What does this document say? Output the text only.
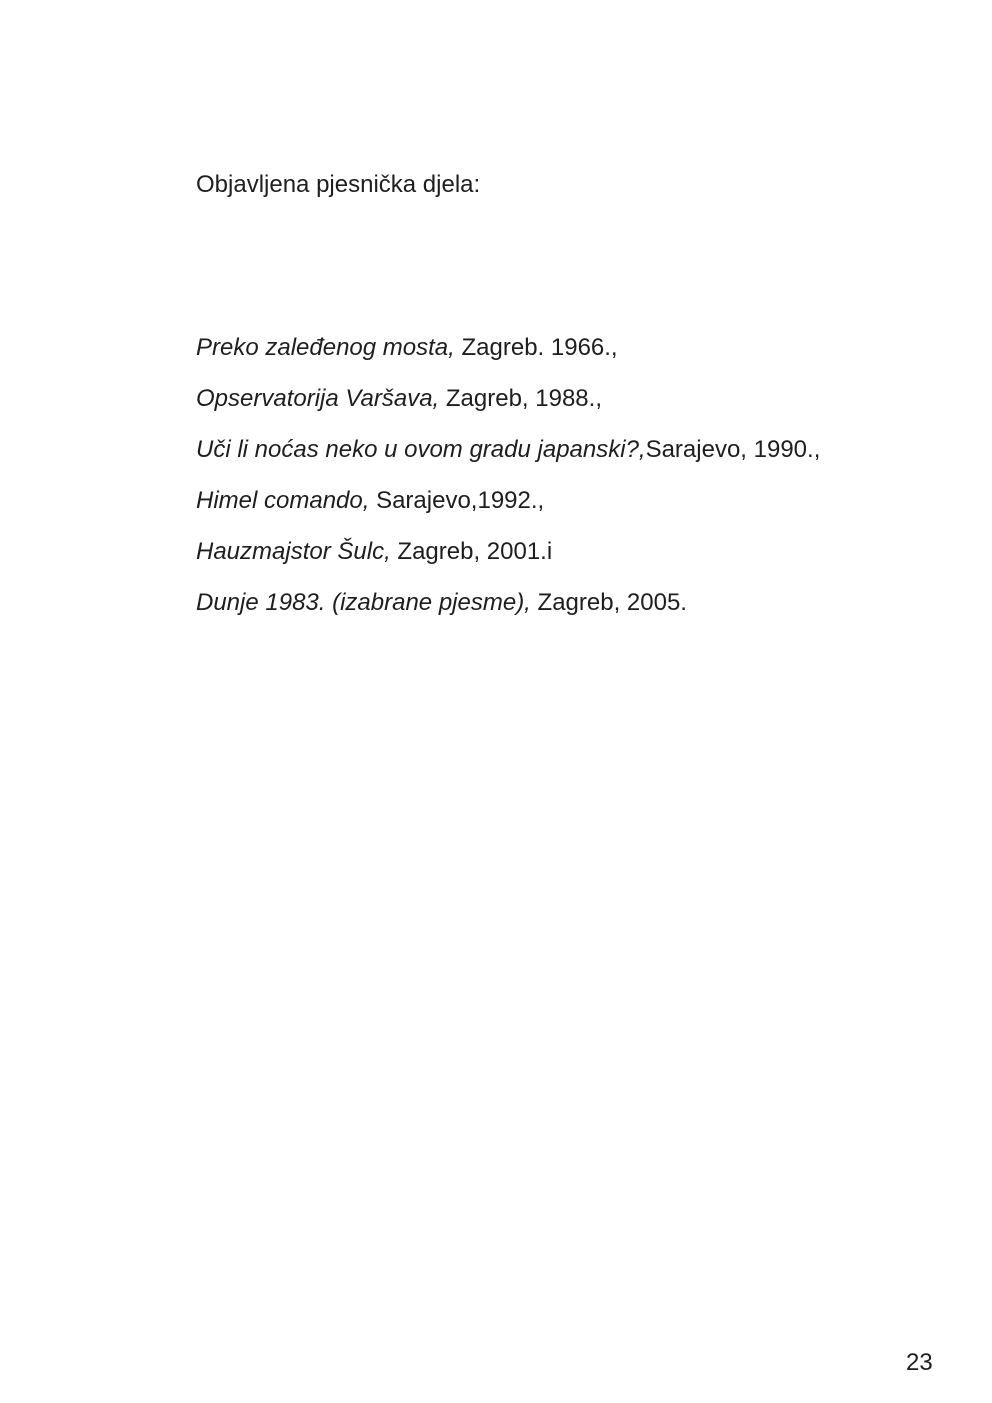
Objavljena pjesnička djela:
Preko zaleđenog mosta, Zagreb. 1966.,
Opservatorija Varšava, Zagreb, 1988.,
Uči li noćas neko u ovom gradu japanski?,Sarajevo, 1990.,
Himel comando, Sarajevo,1992.,
Hauzmajstor Šulc, Zagreb, 2001.i
Dunje 1983. (izabrane pjesme), Zagreb, 2005.
23
